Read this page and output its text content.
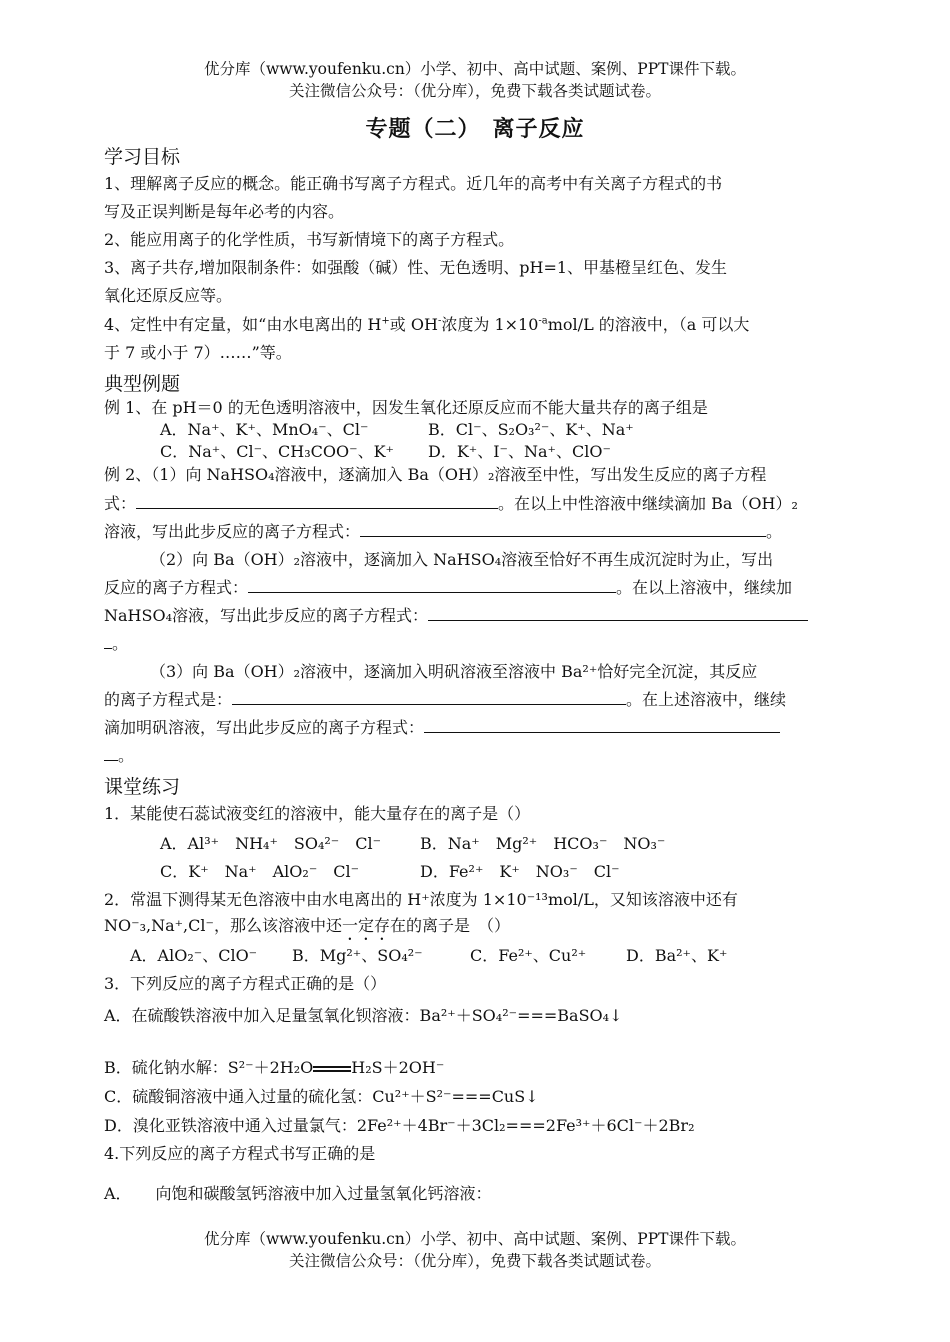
优分库（www.youfenku.cn）小学、初中、高中试题、案例、PPT课件下载。
关注微信公众号：（优分库），免费下载各类试题试卷。
专题（二）　离子反应
学习目标
1、理解离子反应的概念。能正确书写离子方程式。近几年的高考中有关离子方程式的书
写及正误判断是每年必考的内容。
2、能应用离子的化学性质，书写新情境下的离子方程式。
3、离子共存,增加限制条件：如强酸（碱）性、无色透明、pH=1、甲基橙呈红色、发生
氧化还原反应等。
4、定性中有定量，如“由水电离出的 H+或 OH-浓度为 $1\times 10^{-a}mol/L$ 的溶液中，（a 可以大
于 7 或小于 7）……”等。
典型例题
例 1、在 pH＝0 的无色透明溶液中，因发生氧化还原反应而不能大量共存的离子组是
A．Na⁺、K⁺、MnO₄⁻、Cl⁻	B．Cl⁻、S₂O₃²⁻、K⁺、Na⁺
C．Na⁺、Cl⁻、CH₃COO⁻、K⁺ D．K⁺、I⁻、Na⁺、ClO⁻
例 2、（1）向 NaHSO₄溶液中，逐滴加入 Ba（OH）₂溶液至中性，写出发生反应的离子方程
式：	。在以上中性溶液中继续滴加 Ba（OH）₂
溶液，写出此步反应的离子方程式：	。
（2）向 Ba（OH）₂溶液中，逐滴加入 NaHSO₄溶液至恰好不再生成沉淀时为止，写出
反应的离子方程式：	。在以上溶液中，继续加
NaHSO₄溶液，写出此步反应的离子方程式：
。
（3）向 Ba（OH）₂溶液中，逐滴加入明矾溶液至溶液中 Ba²⁺恰好完全沉淀，其反应
的离子方程式是：	。在上述溶液中，继续
滴加明矾溶液，写出此步反应的离子方程式：
。
课堂练习
1．某能使石蕊试液变红的溶液中，能大量存在的离子是（）
A．Al³⁺　NH₄⁺　SO₄²⁻　Cl⁻ B．Na⁺　Mg²⁺　HCO₃⁻　NO₃⁻
C．K⁺　Na⁺　AlO₂⁻　Cl⁻	D．Fe²⁺　K⁺　NO₃⁻　Cl⁻
2．常温下测得某无色溶液中由水电离出的 H⁺浓度为 1×10⁻¹³mol/L，又知该溶液中还有
NO⁻₃,Na⁺,Cl⁻，那么该溶液中还一定存在的离子是　（）
A．AlO₂⁻、ClO⁻ B．Mg²⁺、SO₄²⁻	C．Fe²⁺、Cu²⁺ D．Ba²⁺、K⁺
3．下列反应的离子方程式正确的是（）
A．在硫酸铁溶液中加入足量氢氧化钡溶液：Ba²⁺＋SO₄²⁻===BaSO₄↓
B．硫化钠水解：S²⁻＋2H₂O H₂S＋2OH⁻
C．硫酸铜溶液中通入过量的硫化氢：Cu²⁺＋S²⁻===CuS↓
D．溴化亚铁溶液中通入过量氯气：2Fe²⁺＋4Br⁻＋3Cl₂===2Fe³⁺＋6Cl⁻＋2Br₂
4.下列反应的离子方程式书写正确的是
A．　　向饱和碳酸氢钙溶液中加入过量氢氧化钙溶液：
优分库（www.youfenku.cn）小学、初中、高中试题、案例、PPT课件下载。
关注微信公众号：（优分库），免费下载各类试题试卷。
